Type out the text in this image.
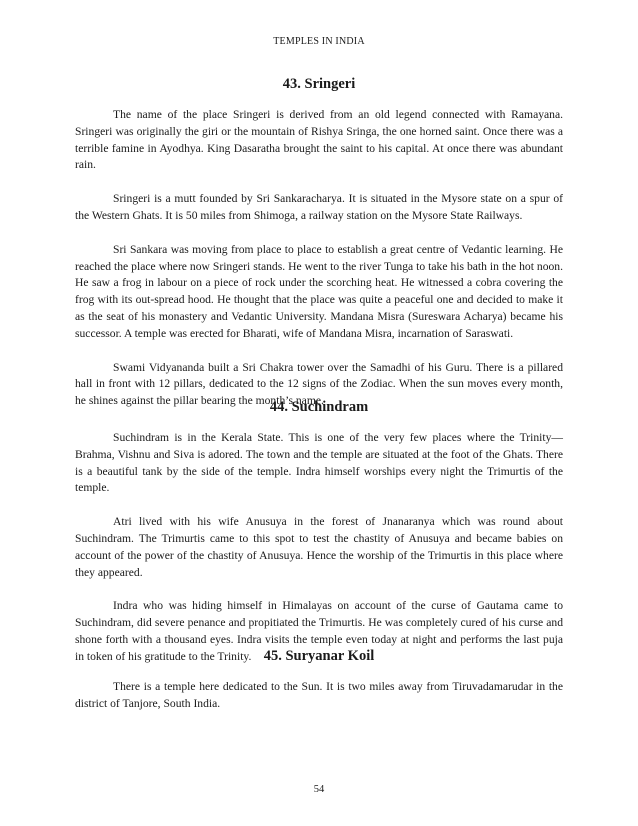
TEMPLES IN INDIA
43. Sringeri

The name of the place Sringeri is derived from an old legend connected with Ramayana. Sringeri was originally the giri or the mountain of Rishya Sringa, the one horned saint. Once there was a terrible famine in Ayodhya. King Dasaratha brought the saint to his capital. At once there was abundant rain.

Sringeri is a mutt founded by Sri Sankaracharya. It is situated in the Mysore state on a spur of the Western Ghats. It is 50 miles from Shimoga, a railway station on the Mysore State Railways.

Sri Sankara was moving from place to place to establish a great centre of Vedantic learning. He reached the place where now Sringeri stands. He went to the river Tunga to take his bath in the hot noon. He saw a frog in labour on a piece of rock under the scorching heat. He witnessed a cobra covering the frog with its out-spread hood. He thought that the place was quite a peaceful one and decided to make it as the seat of his monastery and Vedantic University. Mandana Misra (Sureswara Acharya) became his successor. A temple was erected for Bharati, wife of Mandana Misra, incarnation of Saraswati.

Swami Vidyananda built a Sri Chakra tower over the Samadhi of his Guru. There is a pillared hall in front with 12 pillars, dedicated to the 12 signs of the Zodiac. When the sun moves every month, he shines against the pillar bearing the month’s name.

44. Suchindram

Suchindram is in the Kerala State. This is one of the very few places where the Trinity—Brahma, Vishnu and Siva is adored. The town and the temple are situated at the foot of the Ghats. There is a beautiful tank by the side of the temple. Indra himself worships every night the Trimurtis of the temple.

Atri lived with his wife Anusuya in the forest of Jnanaranya which was round about Suchindram. The Trimurtis came to this spot to test the chastity of Anusuya and became babies on account of the power of the chastity of Anusuya. Hence the worship of the Trimurtis in this place where they appeared.

Indra who was hiding himself in Himalayas on account of the curse of Gautama came to Suchindram, did severe penance and propitiated the Trimurtis. He was completely cured of his curse and shone forth with a thousand eyes. Indra visits the temple even today at night and performs the last puja in token of his gratitude to the Trinity. 45. Suryanar Koil

There is a temple here dedicated to the Sun. It is two miles away from Tiruvadamarudar in the district of Tanjore, South India.

54
